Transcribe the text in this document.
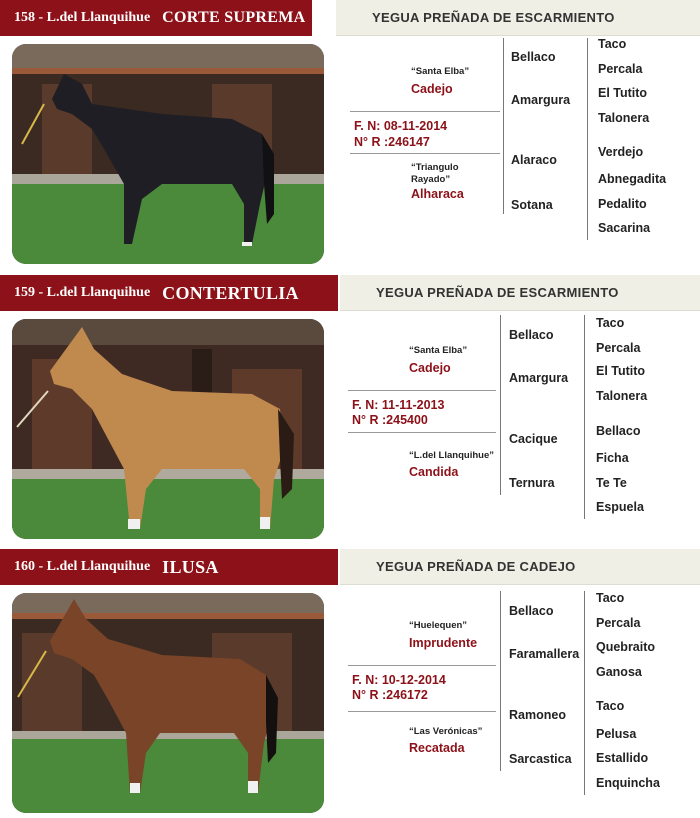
158 - L.del Llanquihue CORTE SUPREMA	YEGUA PREÑADA DE ESCARMIENTO
“Santa Elba”
Cadejo
F. N: 08-11-2014
N° R :246147
“Triangulo Rayado”
Alharaca
Bellaco
Amargura
Alaraco
Sotana
Taco
Percala
El Tutito
Talonera
Verdejo
Abnegadita
Pedalito
Sacarina
159 - L.del Llanquihue CONTERTULIA	YEGUA PREÑADA DE ESCARMIENTO
“Santa Elba”
Cadejo
F. N: 11-11-2013
N° R :245400
“L.del Llanquihue”
Candida
Bellaco
Amargura
Cacique
Ternura
Taco
Percala
El Tutito
Talonera
Bellaco
Ficha
Te Te
Espuela
160 - L.del Llanquihue ILUSA	YEGUA PREÑADA DE CADEJO
“Huelequen”
Imprudente
F. N: 10-12-2014
N° R :246172
“Las Verónicas”
Recatada
Bellaco
Faramallera
Ramoneo
Sarcastica
Taco
Percala
Quebraito
Ganosa
Taco
Pelusa
Estallido
Enquincha
